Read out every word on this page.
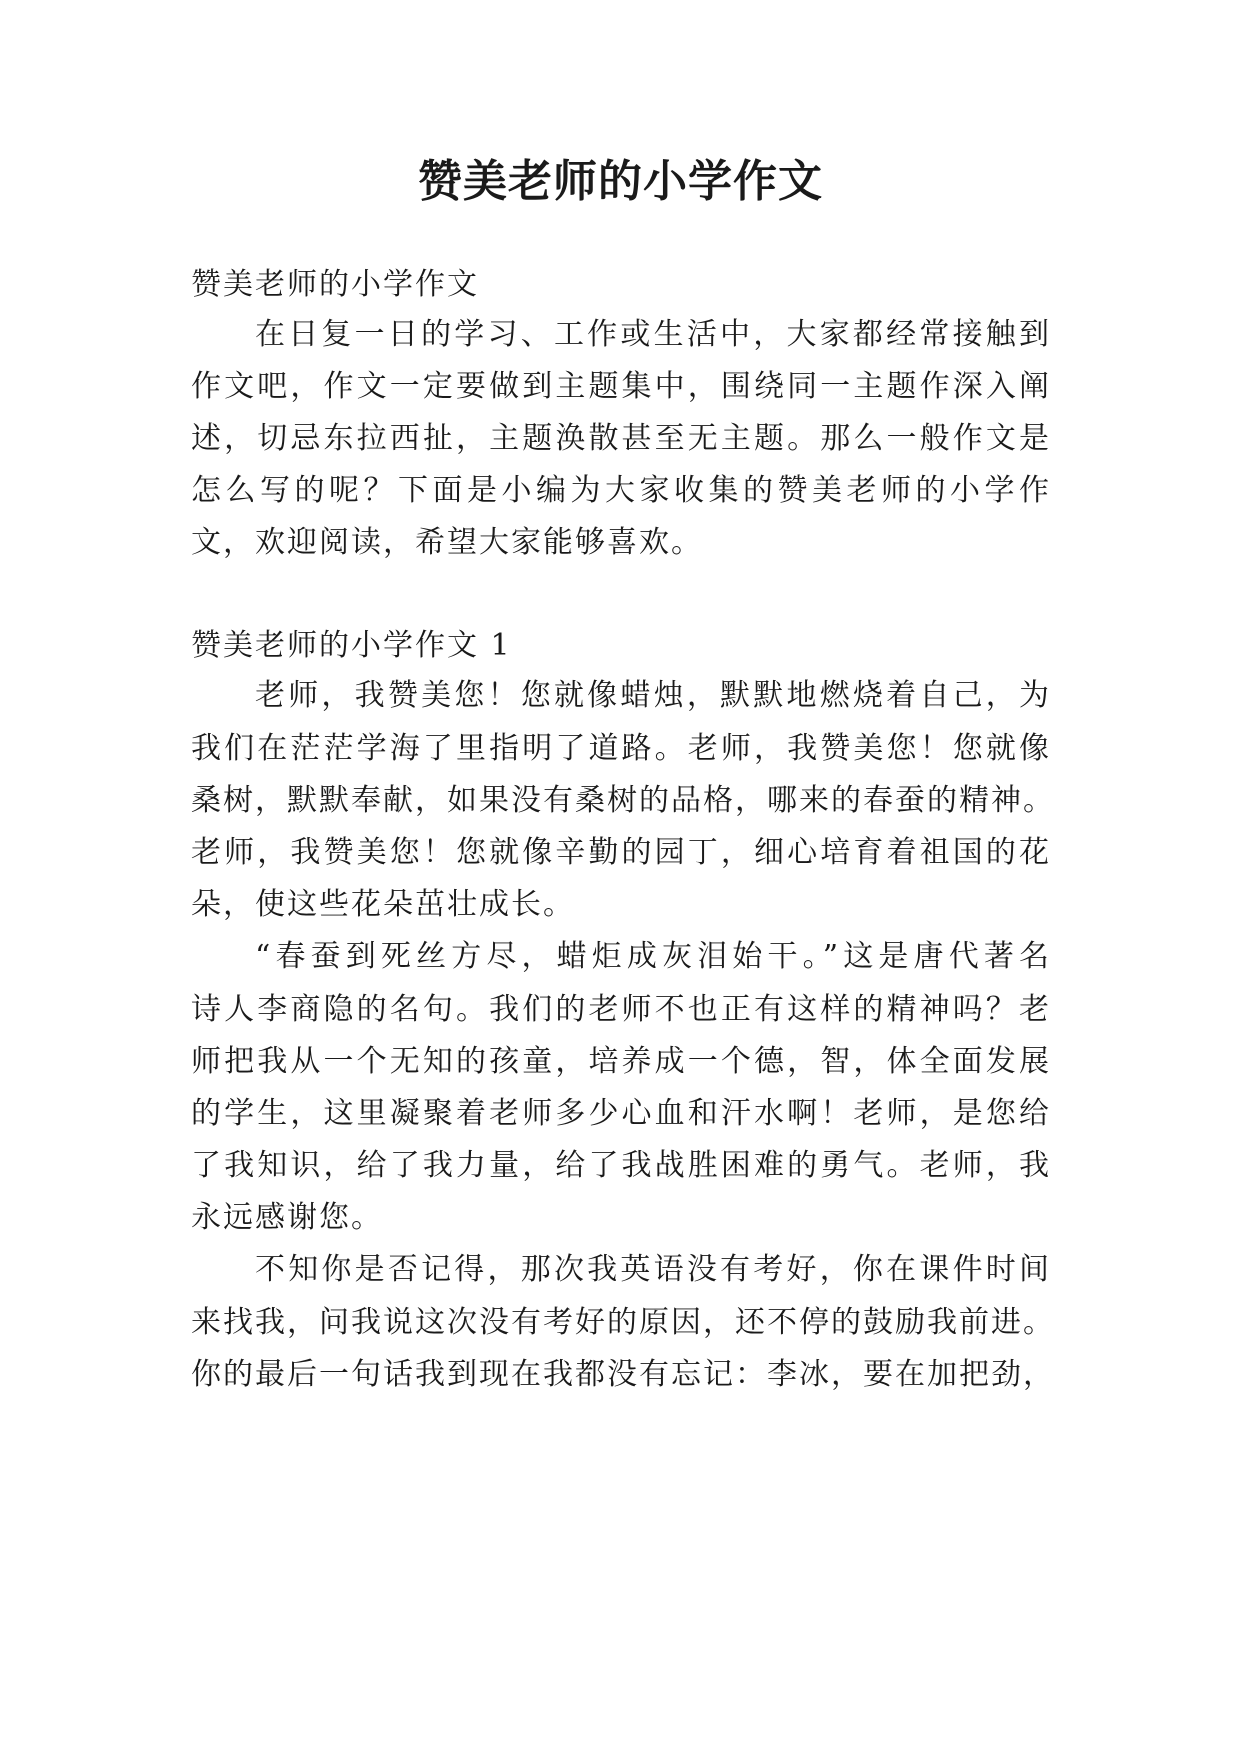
赞美老师的小学作文
赞美老师的小学作文
在日复一日的学习、工作或生活中，大家都经常接触到
作文吧，作文一定要做到主题集中，围绕同一主题作深入阐
述，切忌东拉西扯，主题涣散甚至无主题。那么一般作文是
怎么写的呢？下面是小编为大家收集的赞美老师的小学作
文，欢迎阅读，希望大家能够喜欢。
赞美老师的小学作文 1
老师，我赞美您！您就像蜡烛，默默地燃烧着自己，为
我们在茫茫学海了里指明了道路。老师，我赞美您！您就像
桑树，默默奉献，如果没有桑树的品格，哪来的春蚕的精神。
老师，我赞美您！您就像辛勤的园丁，细心培育着祖国的花
朵，使这些花朵茁壮成长。
“春蚕到死丝方尽，蜡炬成灰泪始干。”这是唐代著名
诗人李商隐的名句。我们的老师不也正有这样的精神吗？老
师把我从一个无知的孩童，培养成一个德，智，体全面发展
的学生，这里凝聚着老师多少心血和汗水啊！老师，是您给
了我知识，给了我力量，给了我战胜困难的勇气。老师，我
永远感谢您。
不知你是否记得，那次我英语没有考好，你在课件时间
来找我，问我说这次没有考好的原因，还不停的鼓励我前进。
你的最后一句话我到现在我都没有忘记：李冰，要在加把劲，
